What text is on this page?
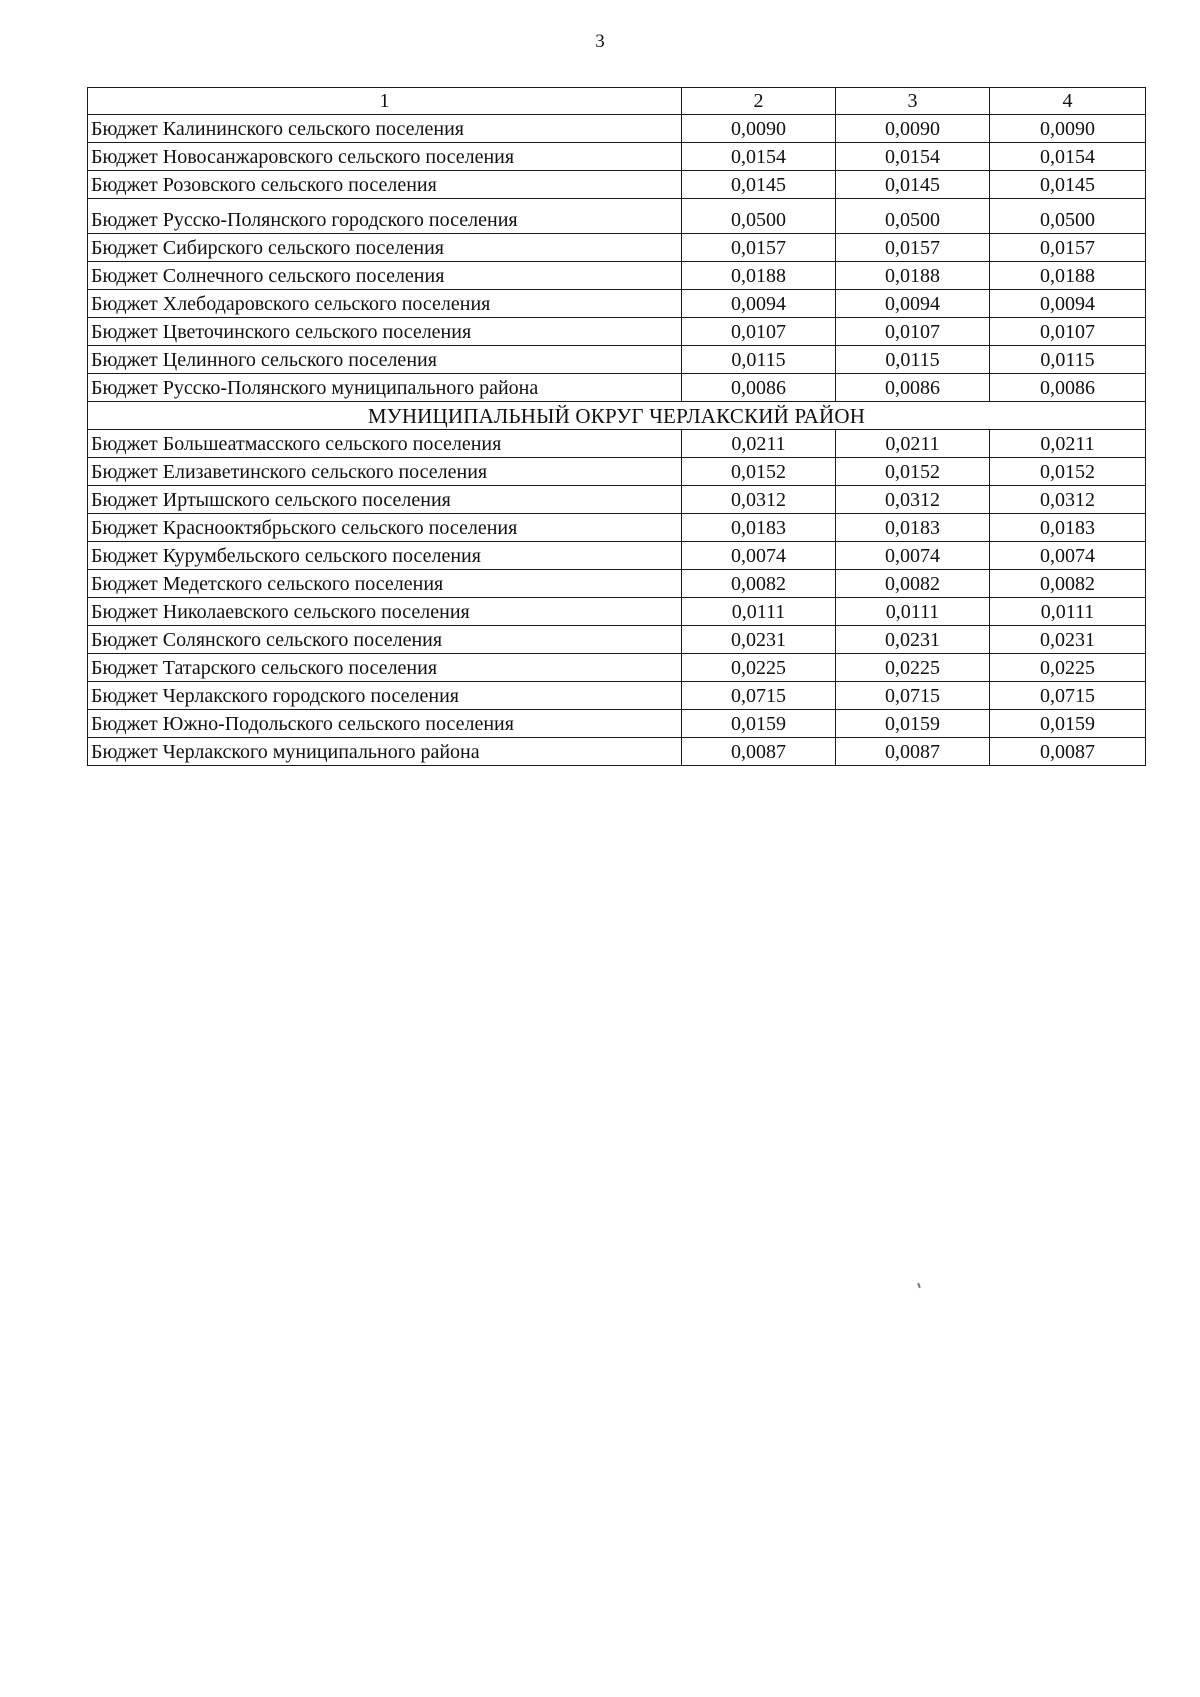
3
1	2	3	4
Бюджет Калининского сельского поселения	0,0090	0,0090	0,0090
Бюджет Новосанжаровского сельского поселения	0,0154	0,0154	0,0154
Бюджет Розовского сельского поселения	0,0145	0,0145	0,0145
Бюджет Русско-Полянского городского поселения	0,0500	0,0500	0,0500
Бюджет Сибирского сельского поселения	0,0157	0,0157	0,0157
Бюджет Солнечного сельского поселения	0,0188	0,0188	0,0188
Бюджет Хлебодаровского сельского поселения	0,0094	0,0094	0,0094
Бюджет Цветочинского сельского поселения	0,0107	0,0107	0,0107
Бюджет Целинного сельского поселения	0,0115	0,0115	0,0115
Бюджет Русско-Полянского муниципального района	0,0086	0,0086	0,0086
МУНИЦИПАЛЬНЫЙ ОКРУГ ЧЕРЛАКСКИЙ РАЙОН			
Бюджет Большеатмасского сельского поселения	0,0211	0,0211	0,0211
Бюджет Елизаветинского сельского поселения	0,0152	0,0152	0,0152
Бюджет Иртышского сельского поселения	0,0312	0,0312	0,0312
Бюджет Краснооктябрьского сельского поселения	0,0183	0,0183	0,0183
Бюджет Курумбельского сельского поселения	0,0074	0,0074	0,0074
Бюджет Медетского сельского поселения	0,0082	0,0082	0,0082
Бюджет Николаевского сельского поселения	0,0111	0,0111	0,0111
Бюджет Солянского сельского поселения	0,0231	0,0231	0,0231
Бюджет Татарского сельского поселения	0,0225	0,0225	0,0225
Бюджет Черлакского городского поселения	0,0715	0,0715	0,0715
Бюджет Южно-Подольского сельского поселения	0,0159	0,0159	0,0159
Бюджет Черлакского муниципального района	0,0087	0,0087	0,0087
